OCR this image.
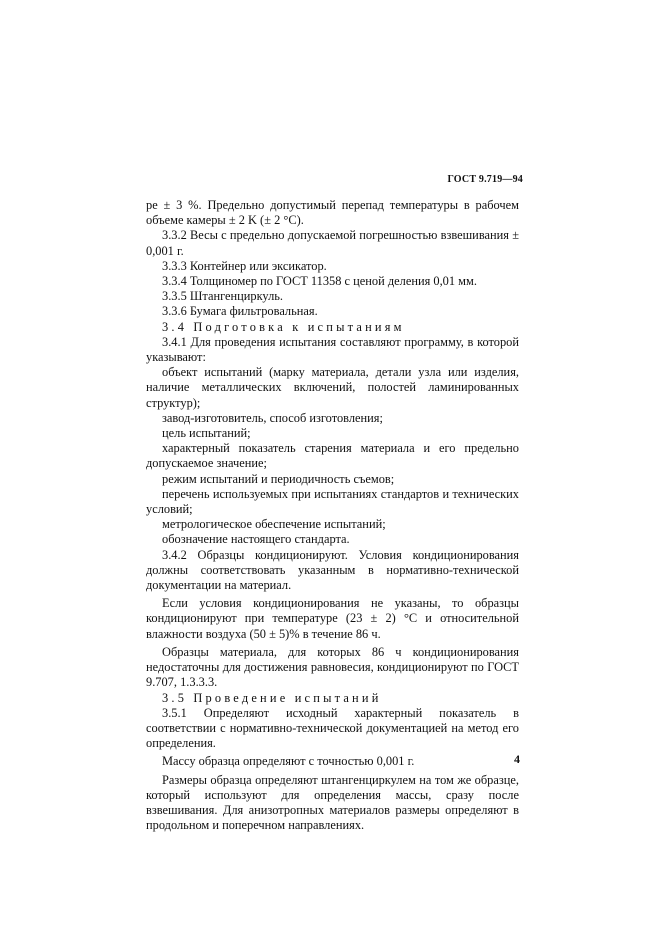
ГОСТ 9.719—94

ре ± 3 %. Предельно допустимый перепад температуры в рабочем объеме камеры ± 2 K (± 2 °C).

3.3.2 Весы с предельно допускаемой погрешностью взвешивания ± 0,001 г.

3.3.3 Контейнер или эксикатор.

3.3.4 Толщиномер по ГОСТ 11358 с ценой деления 0,01 мм.

3.3.5 Штангенциркуль.

3.3.6 Бумага фильтровальная.

3.4 Подготовка к испытаниям

3.4.1 Для проведения испытания составляют программу, в которой указывают:

объект испытаний (марку материала, детали узла или изделия, наличие металлических включений, полостей ламинированных структур);

завод-изготовитель, способ изготовления;

цель испытаний;

характерный показатель старения материала и его предельно допускаемое значение;

режим испытаний и периодичность съемов;

перечень используемых при испытаниях стандартов и технических условий;

метрологическое обеспечение испытаний;

обозначение настоящего стандарта.

3.4.2 Образцы кондиционируют. Условия кондиционирования должны соответствовать указанным в нормативно-технической документации на материал.

Если условия кондиционирования не указаны, то образцы кондиционируют при температуре (23 ± 2) °С и относительной влажности воздуха (50 ± 5)% в течение 86 ч.

Образцы материала, для которых 86 ч кондиционирования недостаточны для достижения равновесия, кондиционируют по ГОСТ 9.707, 1.3.3.3.

3.5 Проведение испытаний

3.5.1 Определяют исходный характерный показатель в соответствии с нормативно-технической документацией на метод его определения.

Массу образца определяют с точностью 0,001 г.

Размеры образца определяют штангенциркулем на том же образце, который используют для определения массы, сразу после взвешивания. Для анизотропных материалов размеры определяют в продольном и поперечном направлениях.

4
